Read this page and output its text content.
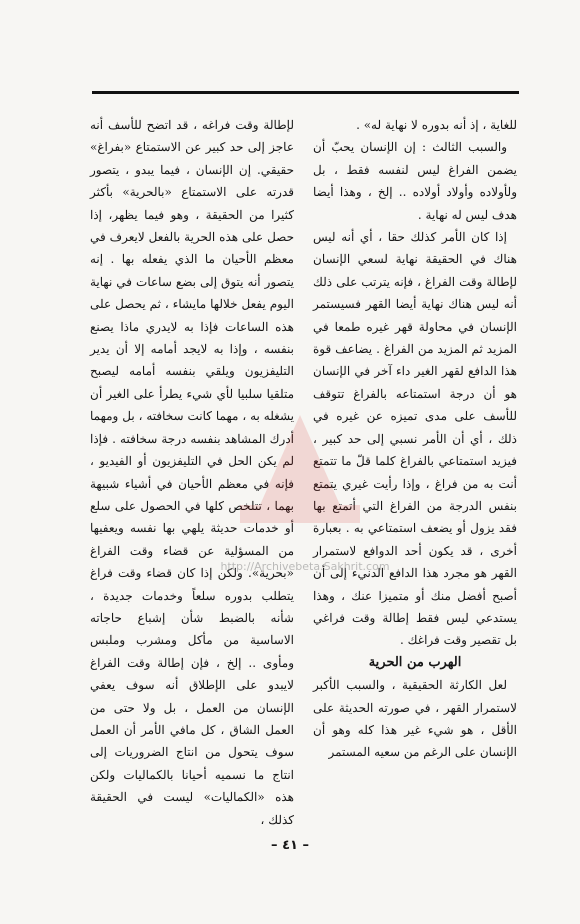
للغاية ، إذ أنه بدوره لا نهاية له» .

والسبب الثالث : إن الإنسان يحبّ أن يضمن الفراغ ليس لنفسه فقط ، بل ولأولاده وأولاد أولاده .. إلخ ، وهذا أيضا هدف ليس له نهاية .

إذا كان الأمر كذلك حقا ، أي أنه ليس هناك في الحقيقة نهاية لسعي الإنسان لإطالة وقت الفراغ ، فإنه يترتب على ذلك أنه ليس هناك نهاية أيضا القهر فسيستمر الإنسان في محاولة قهر غيره طمعا في المزيد ثم المزيد من الفراغ . يضاعف قوة هذا الدافع لقهر الغير داء آخر في الإنسان هو أن درجة استمتاعه بالفراغ تتوقف للأسف على مدى تميزه عن غيره في ذلك ، أي أن الأمر نسبي إلى حد كبير ، فيزيد استمتاعي بالفراغ كلما قلّ ما تتمتع أنت به من فراغ ، وإذا رأيت غيري يتمتع بنفس الدرجة من الفراغ التي أتمتع بها فقد يزول أو يضعف استمتاعي به . بعبارة أخرى ، قد يكون أحد الدوافع لاستمرار القهر هو مجرد هذا الدافع الدنيء إلى أن أصبح أفضل منك أو متميزا عنك ، وهذا يستدعي ليس فقط إطالة وقت فراغي بل تقصير وقت فراغك .

الهرب من الحرية

لعل الكارثة الحقيقية ، والسبب الأكبر لاستمرار القهر ، في صورته الحديثة على الأقل ، هو شيء غير هذا كله وهو أن الإنسان على الرغم من سعيه المستمر

لإطالة وقت فراغه ، قد اتضح للأسف أنه عاجز إلى حد كبير عن الاستمتاع «بفراغ» حقيقي. إن الإنسان ، فيما يبدو ، يتصور قدرته على الاستمتاع «بالحرية» بأكثر كثيرا من الحقيقة ، وهو فيما يظهر، إذا حصل على هذه الحرية بالفعل لايعرف في معظم الأحيان ما الذي يفعله بها . إنه يتصور أنه يتوق إلى بضع ساعات في نهاية اليوم يفعل خلالها مايشاء ، ثم يحصل على هذه الساعات فإذا به لايدري ماذا يصنع بنفسه ، وإذا به لايجد أمامه إلا أن يدير التليفزيون ويلقي بنفسه أمامه ليصبح متلقيا سلبيا لأي شيء يطرأ على الغير أن يشغله به ، مهما كانت سخافته ، بل ومهما أدرك المشاهد بنفسه درجة سخافته . فإذا لم يكن الحل في التليفزيون أو الفيديو ، فإنه في معظم الأحيان في أشياء شبيهة بهما ، تتلخص كلها في الحصول على سلع أو خدمات حديثة يلهي بها نفسه ويعفيها من المسؤلية عن قضاء وقت الفراغ «بحرية». ولكن إذا كان قضاء وقت فراغ يتطلب بدوره سلعاً وخدمات جديدة ، شأنه بالضبط شأن إشباع حاجاته الاساسية من مأكل ومشرب وملبس ومأوى .. إلخ ، فإن إطالة وقت الفراغ لايبدو على الإطلاق أنه سوف يعفي الإنسان من العمل ، بل ولا حتى من العمل الشاق ، كل مافي الأمر أن العمل سوف يتحول من انتاج الضروريات إلى انتاج ما نسميه أحيانا بالكماليات ولكن هذه «الكماليات» ليست في الحقيقة كذلك ،

http://Archivebeta.Sakhrit.com
– ٤١ –
